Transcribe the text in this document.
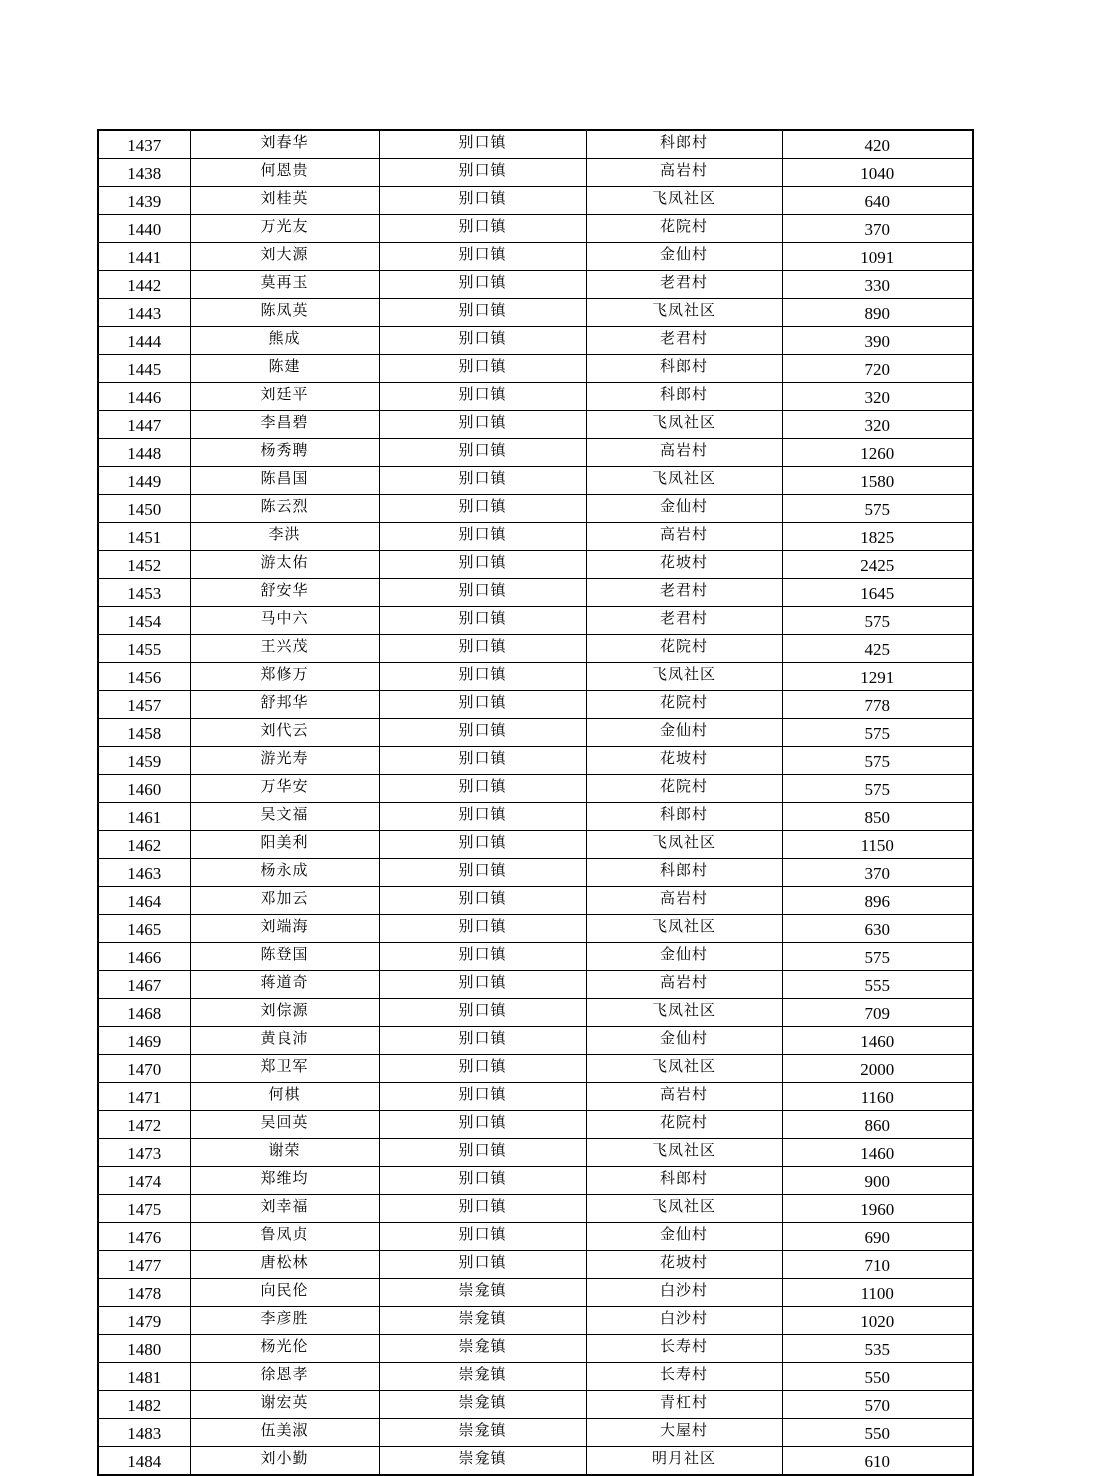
1437	刘春华	别口镇	科郎村	420
1438	何恩贵	别口镇	高岩村	1040
1439	刘桂英	别口镇	飞凤社区	640
1440	万光友	别口镇	花院村	370
1441	刘大源	别口镇	金仙村	1091
1442	莫再玉	别口镇	老君村	330
1443	陈凤英	别口镇	飞凤社区	890
1444	熊成	别口镇	老君村	390
1445	陈建	别口镇	科郎村	720
1446	刘廷平	别口镇	科郎村	320
1447	李昌碧	别口镇	飞凤社区	320
1448	杨秀聘	别口镇	高岩村	1260
1449	陈昌国	别口镇	飞凤社区	1580
1450	陈云烈	别口镇	金仙村	575
1451	李洪	别口镇	高岩村	1825
1452	游太佑	别口镇	花坡村	2425
1453	舒安华	别口镇	老君村	1645
1454	马中六	别口镇	老君村	575
1455	王兴茂	别口镇	花院村	425
1456	郑修万	别口镇	飞凤社区	1291
1457	舒邦华	别口镇	花院村	778
1458	刘代云	别口镇	金仙村	575
1459	游光寿	别口镇	花坡村	575
1460	万华安	别口镇	花院村	575
1461	吴文福	别口镇	科郎村	850
1462	阳美利	别口镇	飞凤社区	1150
1463	杨永成	别口镇	科郎村	370
1464	邓加云	别口镇	高岩村	896
1465	刘端海	别口镇	飞凤社区	630
1466	陈登国	别口镇	金仙村	575
1467	蒋道奇	别口镇	高岩村	555
1468	刘倧源	别口镇	飞凤社区	709
1469	黄良沛	别口镇	金仙村	1460
1470	郑卫军	别口镇	飞凤社区	2000
1471	何棋	别口镇	高岩村	1160
1472	吴回英	别口镇	花院村	860
1473	谢荣	别口镇	飞凤社区	1460
1474	郑维均	别口镇	科郎村	900
1475	刘幸福	别口镇	飞凤社区	1960
1476	鲁凤贞	别口镇	金仙村	690
1477	唐松林	别口镇	花坡村	710
1478	向民伦	崇龛镇	白沙村	1100
1479	李彦胜	崇龛镇	白沙村	1020
1480	杨光伦	崇龛镇	长寿村	535
1481	徐恩孝	崇龛镇	长寿村	550
1482	谢宏英	崇龛镇	青杠村	570
1483	伍美淑	崇龛镇	大屋村	550
1484	刘小勤	崇龛镇	明月社区	610
